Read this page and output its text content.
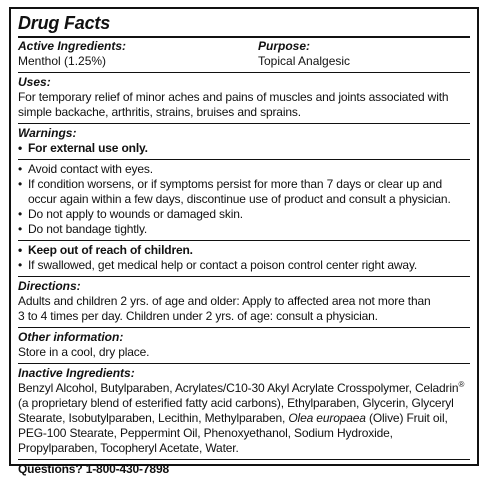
Drug Facts
Active Ingredients:	Purpose:
Menthol (1.25%)	Topical Analgesic
Uses:
For temporary relief of minor aches and pains of muscles and joints associated with
simple backache, arthritis, strains, bruises and sprains.
Warnings:
• For external use only.
• Avoid contact with eyes.
• If condition worsens, or if symptoms persist for more than 7 days or clear up and occur again within a few days, discontinue use of product and consult a physician.
• Do not apply to wounds or damaged skin.
• Do not bandage tightly.
• Keep out of reach of children.
• If swallowed, get medical help or contact a poison control center right away.
Directions:
Adults and children 2 yrs. of age and older: Apply to affected area not more than
3 to 4 times per day. Children under 2 yrs. of age: consult a physician.
Other information:
Store in a cool, dry place.
Inactive Ingredients:
Benzyl Alcohol, Butylparaben, Acrylates/C10-30 Akyl Acrylate Crosspolymer, Celadrin® (a proprietary blend of esterified fatty acid carbons), Ethylparaben, Glycerin, Glyceryl Stearate, Isobutylparaben, Lecithin, Methylparaben, Olea europaea (Olive) Fruit oil, PEG-100 Stearate, Peppermint Oil, Phenoxyethanol, Sodium Hydroxide, Propylparaben, Tocopheryl Acetate, Water.
Questions? 1-800-430-7898
